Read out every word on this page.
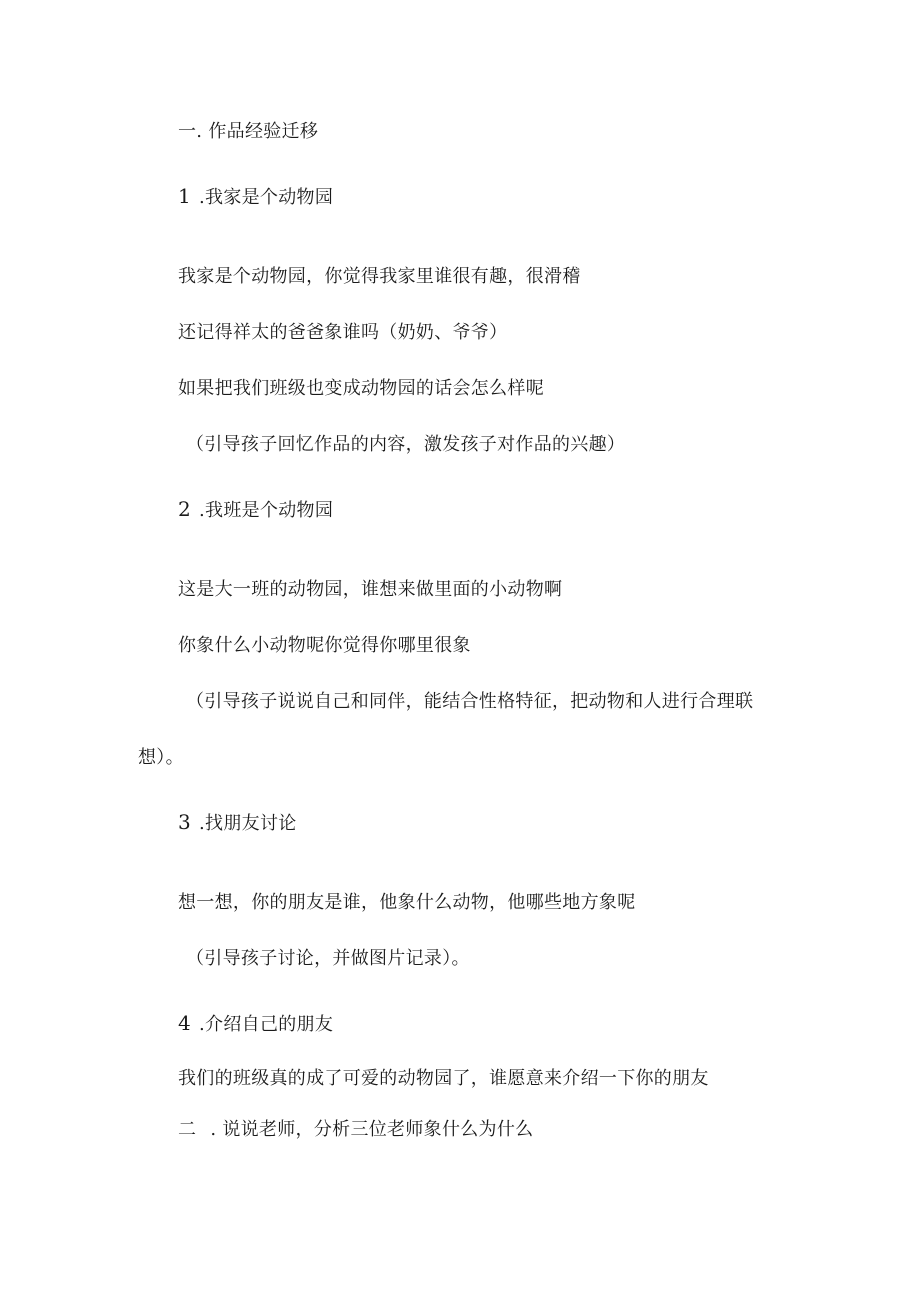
一. 作品经验迁移
1 .我家是个动物园
我家是个动物园，你觉得我家里谁很有趣，很滑稽
还记得祥太的爸爸象谁吗（奶奶、爷爷）
如果把我们班级也变成动物园的话会怎么样呢
（引导孩子回忆作品的内容，激发孩子对作品的兴趣）
2 .我班是个动物园
这是大一班的动物园，谁想来做里面的小动物啊
你象什么小动物呢你觉得你哪里很象
（引导孩子说说自己和同伴，能结合性格特征，把动物和人进行合理联
想）。
3 .找朋友讨论
想一想，你的朋友是谁，他象什么动物，他哪些地方象呢
（引导孩子讨论，并做图片记录）。
4 .介绍自己的朋友
我们的班级真的成了可爱的动物园了，谁愿意来介绍一下你的朋友
二 . 说说老师，分析三位老师象什么为什么
